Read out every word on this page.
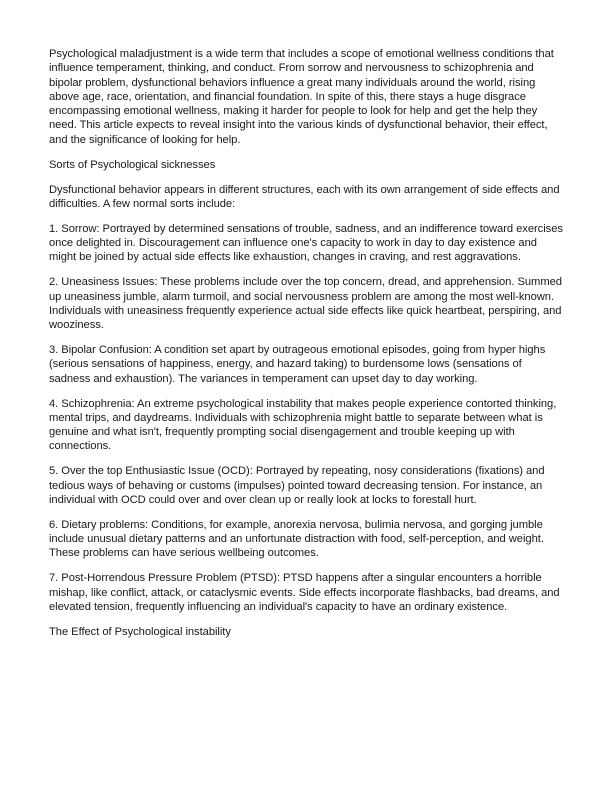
Psychological maladjustment is a wide term that includes a scope of emotional wellness conditions that influence temperament, thinking, and conduct. From sorrow and nervousness to schizophrenia and bipolar problem, dysfunctional behaviors influence a great many individuals around the world, rising above age, race, orientation, and financial foundation. In spite of this, there stays a huge disgrace encompassing emotional wellness, making it harder for people to look for help and get the help they need. This article expects to reveal insight into the various kinds of dysfunctional behavior, their effect, and the significance of looking for help.

Sorts of Psychological sicknesses

Dysfunctional behavior appears in different structures, each with its own arrangement of side effects and difficulties. A few normal sorts include:

1. Sorrow: Portrayed by determined sensations of trouble, sadness, and an indifference toward exercises once delighted in. Discouragement can influence one's capacity to work in day to day existence and might be joined by actual side effects like exhaustion, changes in craving, and rest aggravations.

2. Uneasiness Issues: These problems include over the top concern, dread, and apprehension. Summed up uneasiness jumble, alarm turmoil, and social nervousness problem are among the most well-known. Individuals with uneasiness frequently experience actual side effects like quick heartbeat, perspiring, and wooziness.

3. Bipolar Confusion: A condition set apart by outrageous emotional episodes, going from hyper highs (serious sensations of happiness, energy, and hazard taking) to burdensome lows (sensations of sadness and exhaustion). The variances in temperament can upset day to day working.

4. Schizophrenia: An extreme psychological instability that makes people experience contorted thinking, mental trips, and daydreams. Individuals with schizophrenia might battle to separate between what is genuine and what isn't, frequently prompting social disengagement and trouble keeping up with connections.

5. Over the top Enthusiastic Issue (OCD): Portrayed by repeating, nosy considerations (fixations) and tedious ways of behaving or customs (impulses) pointed toward decreasing tension. For instance, an individual with OCD could over and over clean up or really look at locks to forestall hurt.

6. Dietary problems: Conditions, for example, anorexia nervosa, bulimia nervosa, and gorging jumble include unusual dietary patterns and an unfortunate distraction with food, self-perception, and weight. These problems can have serious wellbeing outcomes.

7. Post-Horrendous Pressure Problem (PTSD): PTSD happens after a singular encounters a horrible mishap, like conflict, attack, or cataclysmic events. Side effects incorporate flashbacks, bad dreams, and elevated tension, frequently influencing an individual's capacity to have an ordinary existence.

The Effect of Psychological instability
